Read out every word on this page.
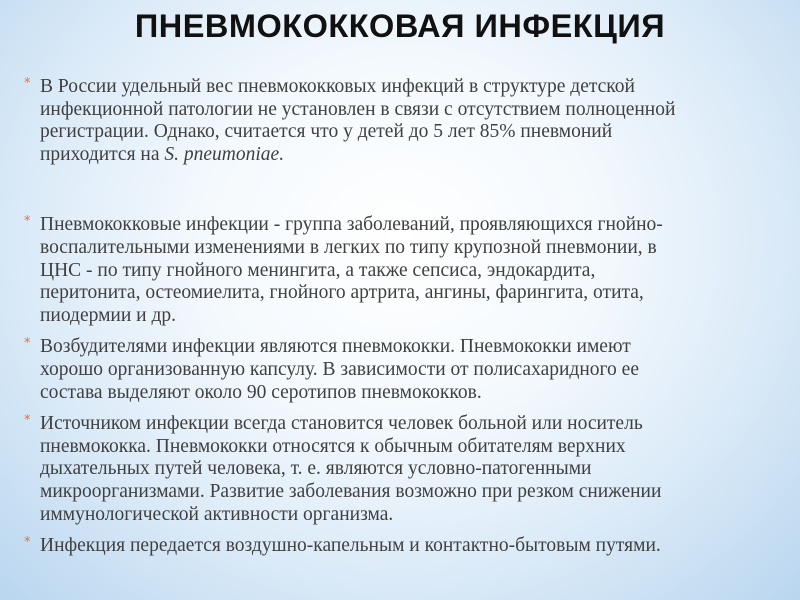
ПНЕВМОКОККОВАЯ ИНФЕКЦИЯ
* В России удельный вес пневмококковых инфекций в структуре детской
инфекционной патологии не установлен в связи с отсутствием полноценной
регистрации. Однако, считается что у детей до 5 лет 85% пневмоний
приходится на S. pneumoniae.
* Пневмококковые инфекции - группа заболеваний, проявляющихся гнойно-
воспалительными изменениями в легких по типу крупозной пневмонии, в
ЦНС - по типу гнойного менингита, а также сепсиса, эндокардита,
перитонита, остеомиелита, гнойного артрита, ангины, фарингита, отита,
пиодермии и др.
* Возбудителями инфекции являются пневмококки. Пневмококки имеют
хорошо организованную капсулу. В зависимости от полисахаридного ее
состава выделяют около 90 серотипов пневмококков.
* Источником инфекции всегда становится человек больной или носитель
пневмококка. Пневмококки относятся к обычным обитателям верхних
дыхательных путей человека, т. е. являются условно-патогенными
микроорганизмами. Развитие заболевания возможно при резком снижении
иммунологической активности организма.
* Инфекция передается воздушно-капельным и контактно-бытовым путями.
